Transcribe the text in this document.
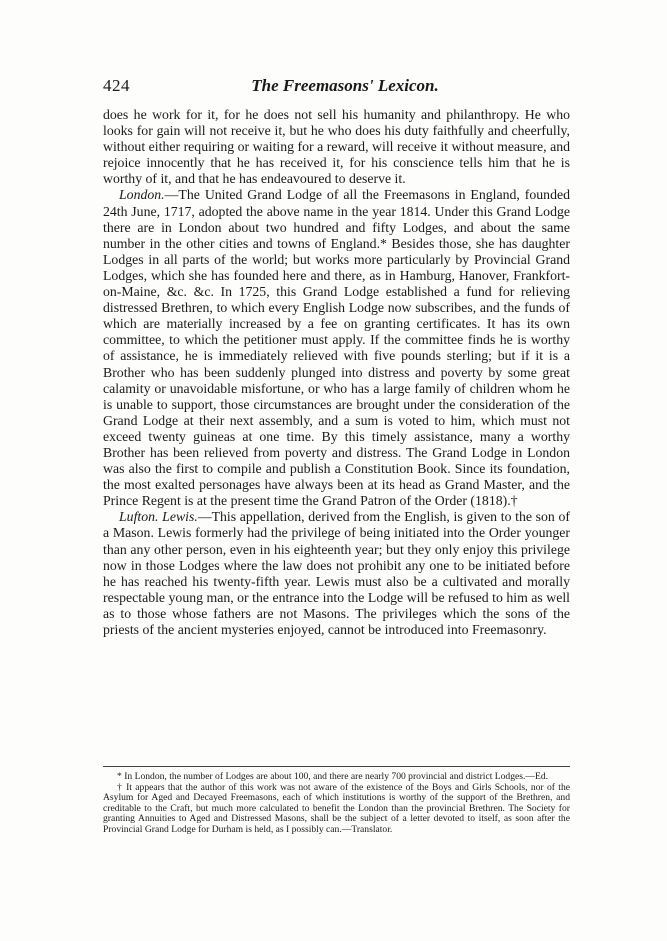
424	The Freemasons' Lexicon.

does he work for it, for he does not sell his humanity and philanthropy. He who looks for gain will not receive it, but he who does his duty faithfully and cheerfully, without either requiring or waiting for a reward, will receive it without measure, and rejoice innocently that he has received it, for his conscience tells him that he is worthy of it, and that he has endeavoured to deserve it.

London.—The United Grand Lodge of all the Freemasons in England, founded 24th June, 1717, adopted the above name in the year 1814. Under this Grand Lodge there are in London about two hundred and fifty Lodges, and about the same number in the other cities and towns of England.* Besides those, she has daughter Lodges in all parts of the world; but works more particularly by Provincial Grand Lodges, which she has founded here and there, as in Hamburg, Hanover, Frankfort-on-Maine, &c. &c. In 1725, this Grand Lodge established a fund for relieving distressed Brethren, to which every English Lodge now subscribes, and the funds of which are materially increased by a fee on granting certificates. It has its own committee, to which the petitioner must apply. If the committee finds he is worthy of assistance, he is immediately relieved with five pounds sterling; but if it is a Brother who has been suddenly plunged into distress and poverty by some great calamity or unavoidable misfortune, or who has a large family of children whom he is unable to support, those circumstances are brought under the consideration of the Grand Lodge at their next assembly, and a sum is voted to him, which must not exceed twenty guineas at one time. By this timely assistance, many a worthy Brother has been relieved from poverty and distress. The Grand Lodge in London was also the first to compile and publish a Constitution Book. Since its foundation, the most exalted personages have always been at its head as Grand Master, and the Prince Regent is at the present time the Grand Patron of the Order (1818).†

Lufton. Lewis.—This appellation, derived from the English, is given to the son of a Mason. Lewis formerly had the privilege of being initiated into the Order younger than any other person, even in his eighteenth year; but they only enjoy this privilege now in those Lodges where the law does not prohibit any one to be initiated before he has reached his twenty-fifth year. Lewis must also be a cultivated and morally respectable young man, or the entrance into the Lodge will be refused to him as well as to those whose fathers are not Masons. The privileges which the sons of the priests of the ancient mysteries enjoyed, cannot be introduced into Freemasonry.

* In London, the number of Lodges are about 100, and there are nearly 700 provincial and district Lodges.—Ed.

† It appears that the author of this work was not aware of the existence of the Boys and Girls Schools, nor of the Asylum for Aged and Decayed Freemasons, each of which institutions is worthy of the support of the Brethren, and creditable to the Craft, but much more calculated to benefit the London than the provincial Brethren. The Society for granting Annuities to Aged and Distressed Masons, shall be the subject of a letter devoted to itself, as soon after the Provincial Grand Lodge for Durham is held, as I possibly can.—Translator.
